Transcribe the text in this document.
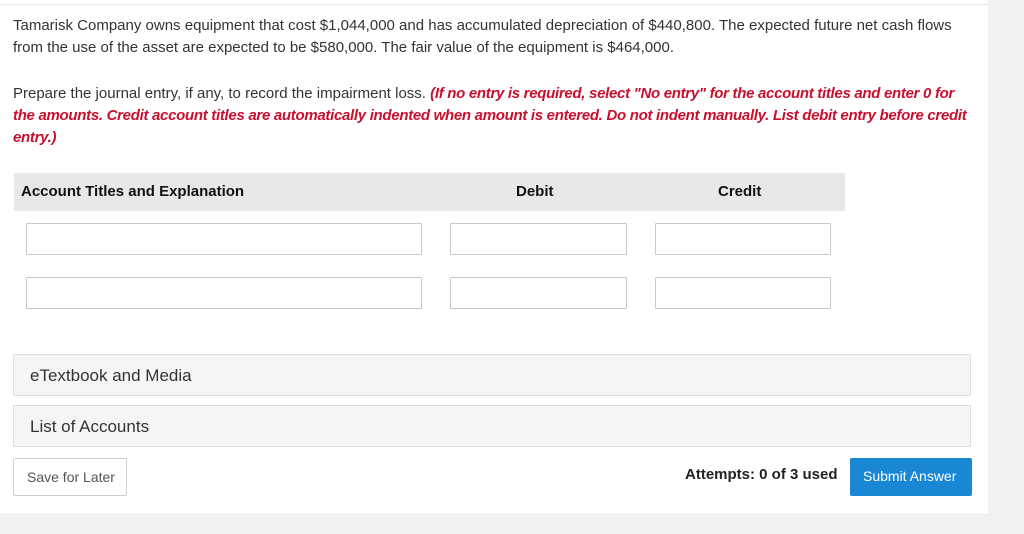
Tamarisk Company owns equipment that cost $1,044,000 and has accumulated depreciation of $440,800. The expected future net cash flows from the use of the asset are expected to be $580,000. The fair value of the equipment is $464,000.
Prepare the journal entry, if any, to record the impairment loss. (If no entry is required, select "No entry" for the account titles and enter 0 for the amounts. Credit account titles are automatically indented when amount is entered. Do not indent manually. List debit entry before credit entry.)
Account Titles and Explanation	Debit	Credit
eTextbook and Media
List of Accounts
Save for Later	Attempts: 0 of 3 used Submit Answer
